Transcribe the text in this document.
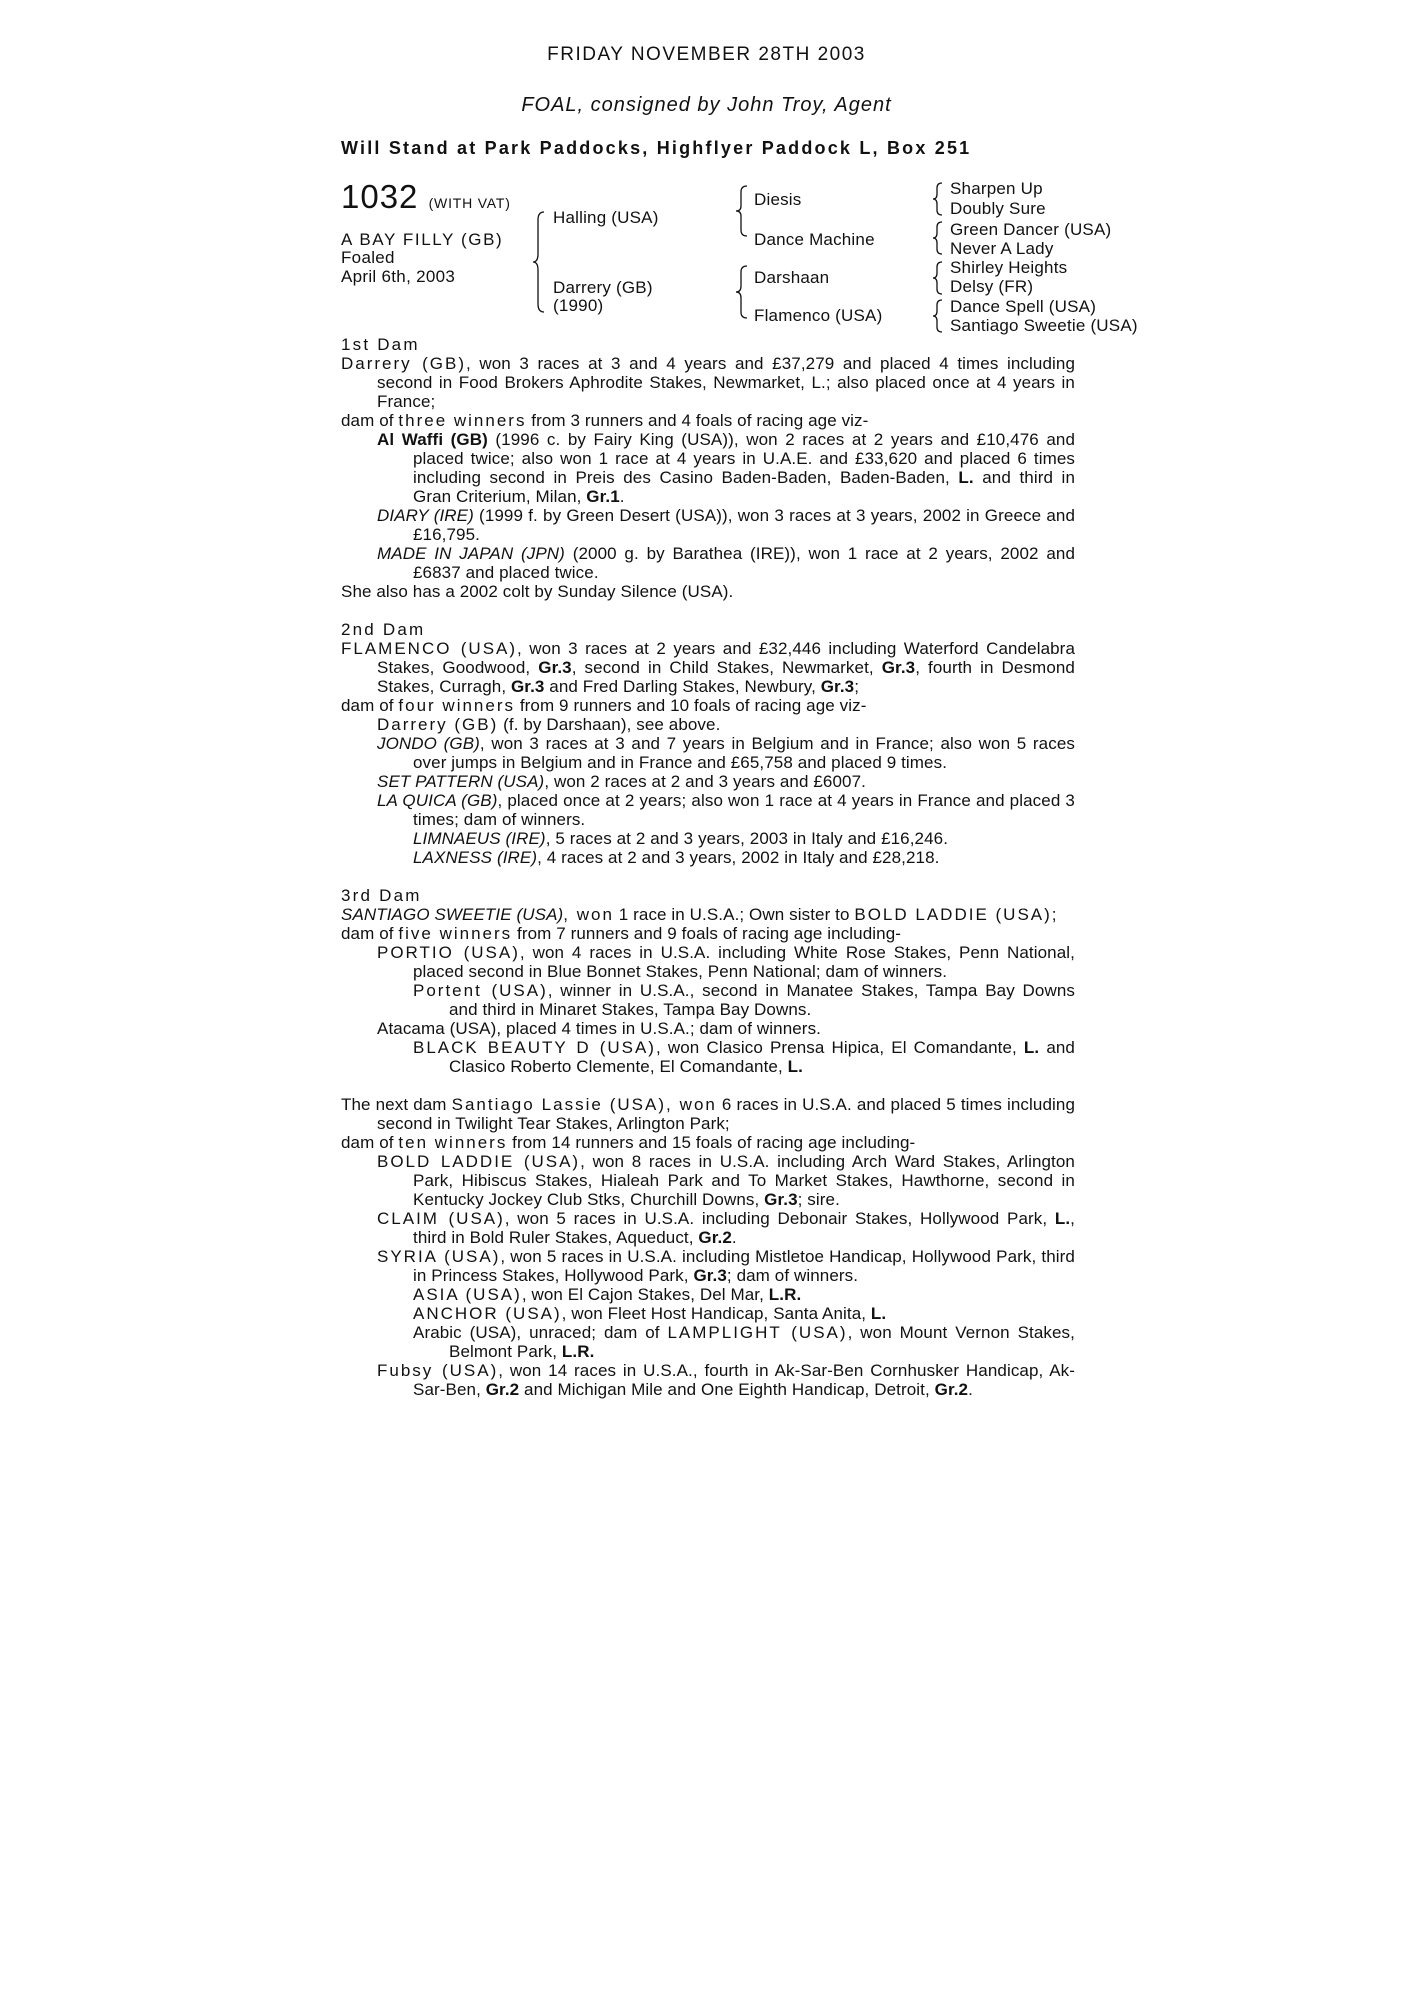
FRIDAY NOVEMBER 28TH 2003
FOAL, consigned by John Troy, Agent
Will Stand at Park Paddocks, Highflyer Paddock L, Box 251
1032 (WITH VAT)
A BAY FILLY (GB)
Foaled
April 6th, 2003
Halling (USA)
Darrery (GB)
(1990)
Diesis
Dance Machine
Darshaan
Flamenco (USA)
Sharpen Up
Doubly Sure
Green Dancer (USA)
Never A Lady
Shirley Heights
Delsy (FR)
Dance Spell (USA)
Santiago Sweetie (USA)

1st Dam

Darrery (GB), won 3 races at 3 and 4 years and £37,279 and placed 4 times including second in Food Brokers Aphrodite Stakes, Newmarket, L.; also placed once at 4 years in France;

dam of three winners from 3 runners and 4 foals of racing age viz-

Al Waffi (GB) (1996 c. by Fairy King (USA)), won 2 races at 2 years and £10,476 and placed twice; also won 1 race at 4 years in U.A.E. and £33,620 and placed 6 times including second in Preis des Casino Baden-Baden, Baden-Baden, L. and third in Gran Criterium, Milan, Gr.1.

DIARY (IRE) (1999 f. by Green Desert (USA)), won 3 races at 3 years, 2002 in Greece and £16,795.

MADE IN JAPAN (JPN) (2000 g. by Barathea (IRE)), won 1 race at 2 years, 2002 and £6837 and placed twice.

She also has a 2002 colt by Sunday Silence (USA).

2nd Dam

FLAMENCO (USA), won 3 races at 2 years and £32,446 including Waterford Candelabra Stakes, Goodwood, Gr.3, second in Child Stakes, Newmarket, Gr.3, fourth in Desmond Stakes, Curragh, Gr.3 and Fred Darling Stakes, Newbury, Gr.3;

dam of four winners from 9 runners and 10 foals of racing age viz-

Darrery (GB) (f. by Darshaan), see above.

JONDO (GB), won 3 races at 3 and 7 years in Belgium and in France; also won 5 races over jumps in Belgium and in France and £65,758 and placed 9 times.

SET PATTERN (USA), won 2 races at 2 and 3 years and £6007.

LA QUICA (GB), placed once at 2 years; also won 1 race at 4 years in France and placed 3 times; dam of winners.

LIMNAEUS (IRE), 5 races at 2 and 3 years, 2003 in Italy and £16,246.

LAXNESS (IRE), 4 races at 2 and 3 years, 2002 in Italy and £28,218.

3rd Dam

SANTIAGO SWEETIE (USA), won 1 race in U.S.A.; Own sister to BOLD LADDIE (USA);

dam of five winners from 7 runners and 9 foals of racing age including-

PORTIO (USA), won 4 races in U.S.A. including White Rose Stakes, Penn National, placed second in Blue Bonnet Stakes, Penn National; dam of winners.

Portent (USA), winner in U.S.A., second in Manatee Stakes, Tampa Bay Downs and third in Minaret Stakes, Tampa Bay Downs.

Atacama (USA), placed 4 times in U.S.A.; dam of winners.

BLACK BEAUTY D (USA), won Clasico Prensa Hipica, El Comandante, L. and Clasico Roberto Clemente, El Comandante, L.

The next dam Santiago Lassie (USA), won 6 races in U.S.A. and placed 5 times including second in Twilight Tear Stakes, Arlington Park;

dam of ten winners from 14 runners and 15 foals of racing age including-

BOLD LADDIE (USA), won 8 races in U.S.A. including Arch Ward Stakes, Arlington Park, Hibiscus Stakes, Hialeah Park and To Market Stakes, Hawthorne, second in Kentucky Jockey Club Stks, Churchill Downs, Gr.3; sire.

CLAIM (USA), won 5 races in U.S.A. including Debonair Stakes, Hollywood Park, L., third in Bold Ruler Stakes, Aqueduct, Gr.2.

SYRIA (USA), won 5 races in U.S.A. including Mistletoe Handicap, Hollywood Park, third in Princess Stakes, Hollywood Park, Gr.3; dam of winners.

ASIA (USA), won El Cajon Stakes, Del Mar, L.R.

ANCHOR (USA), won Fleet Host Handicap, Santa Anita, L.

Arabic (USA), unraced; dam of LAMPLIGHT (USA), won Mount Vernon Stakes, Belmont Park, L.R.

Fubsy (USA), won 14 races in U.S.A., fourth in Ak-Sar-Ben Cornhusker Handicap, Ak-Sar-Ben, Gr.2 and Michigan Mile and One Eighth Handicap, Detroit, Gr.2.
